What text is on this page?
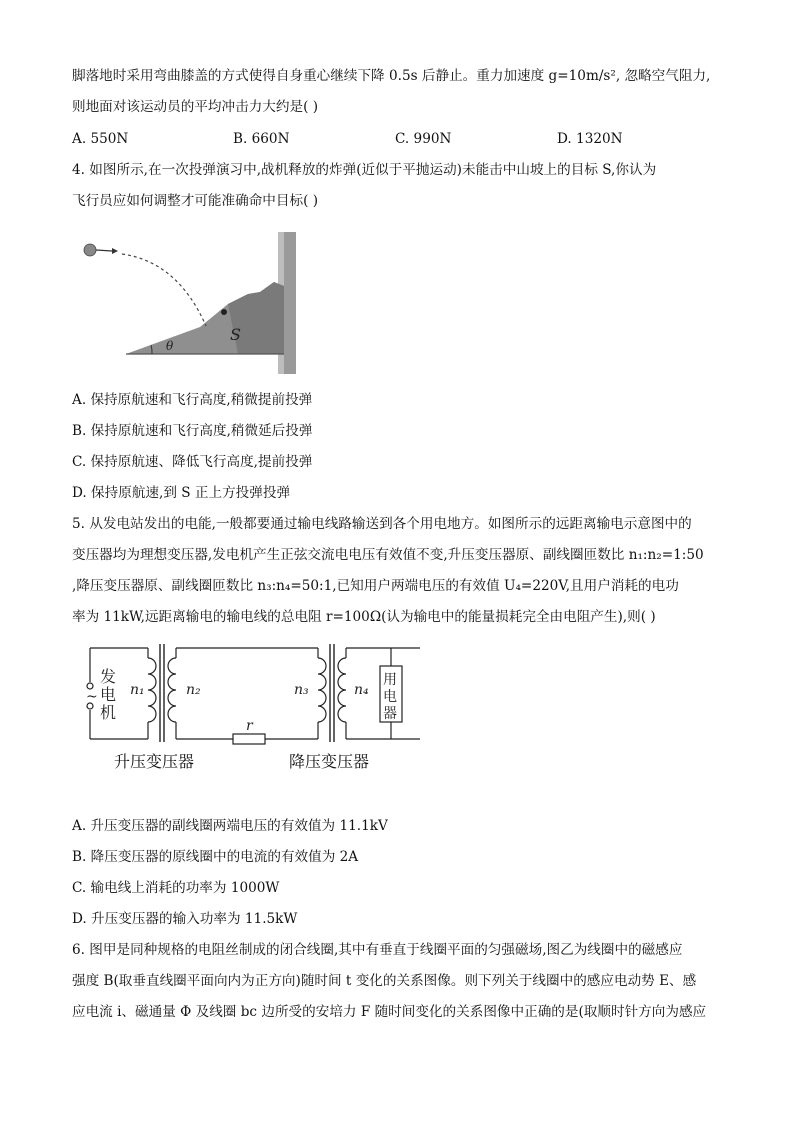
脚落地时采用弯曲膝盖的方式使得自身重心继续下降 0.5s 后静止。重力加速度 g=10m/s², 忽略空气阻力,
则地面对该运动员的平均冲击力大约是( )
A. 550N	B. 660N	C. 990N	D. 1320N
4. 如图所示,在一次投弹演习中,战机释放的炸弹(近似于平抛运动)未能击中山坡上的目标 S,你认为
飞行员应如何调整才可能准确命中目标( )
S
θ
A. 保持原航速和飞行高度,稍微提前投弹
B. 保持原航速和飞行高度,稍微延后投弹
C. 保持原航速、降低飞行高度,提前投弹
D. 保持原航速,到 S 正上方投弹投弹
5. 从发电站发出的电能,一般都要通过输电线路输送到各个用电地方。如图所示的远距离输电示意图中的
变压器均为理想变压器,发电机产生正弦交流电电压有效值不变,升压变压器原、副线圈匝数比 n₁:n₂=1:50
,降压变压器原、副线圈匝数比 n₃:n₄=50:1,已知用户两端电压的有效值 U₄=220V,且用户消耗的电功
率为 11kW,远距离输电的输电线的总电阻 r=100Ω(认为输电中的能量损耗完全由电阻产生),则( )
~
发
电
机
n₁	n₂	n₃	n₄
r
用
电
器
升压变压器	降压变压器
A. 升压变压器的副线圈两端电压的有效值为 11.1kV
B. 降压变压器的原线圈中的电流的有效值为 2A
C. 输电线上消耗的功率为 1000W
D. 升压变压器的输入功率为 11.5kW
6. 图甲是同种规格的电阻丝制成的闭合线圈,其中有垂直于线圈平面的匀强磁场,图乙为线圈中的磁感应
强度 B(取垂直线圈平面向内为正方向)随时间 t 变化的关系图像。则下列关于线圈中的感应电动势 E、感
应电流 i、磁通量 Φ 及线圈 bc 边所受的安培力 F 随时间变化的关系图像中正确的是(取顺时针方向为感应
